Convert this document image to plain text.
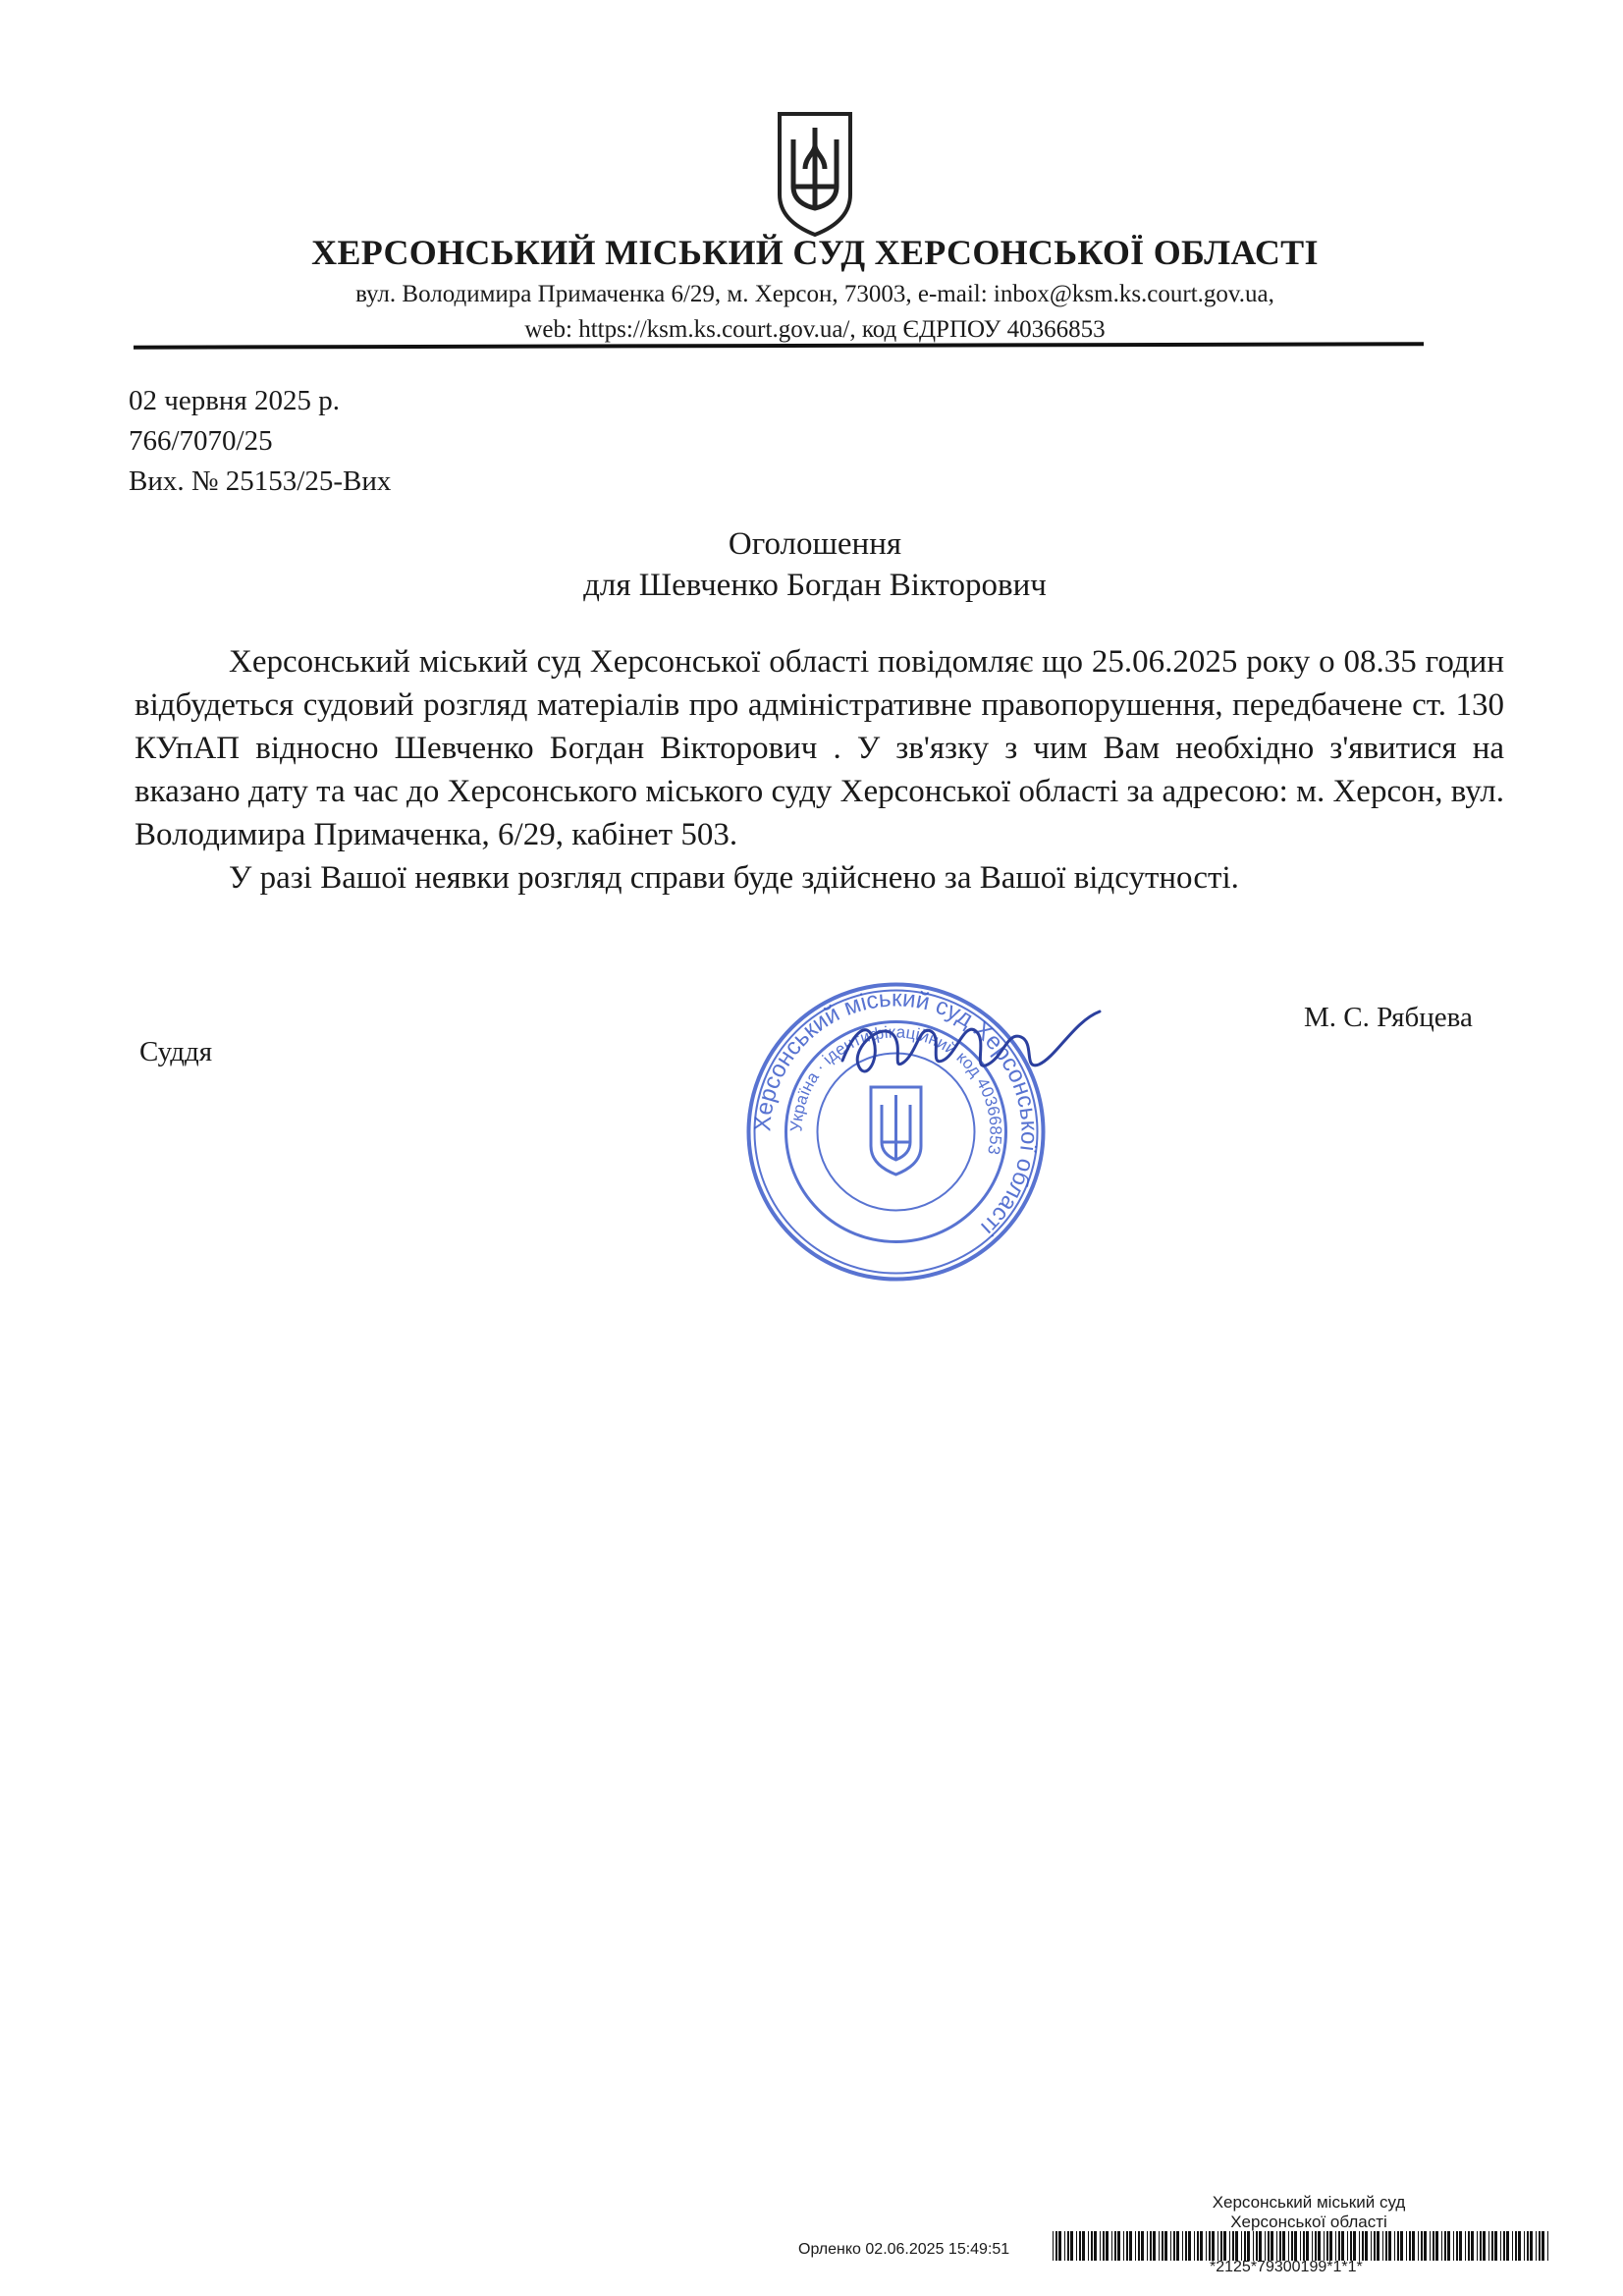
ХЕРСОНСЬКИЙ МІСЬКИЙ СУД ХЕРСОНСЬКОЇ ОБЛАСТІ
вул. Володимира Примаченка 6/29, м. Херсон, 73003, e-mail: inbox@ksm.ks.court.gov.ua,
web: https://ksm.ks.court.gov.ua/, код ЄДРПОУ 40366853
02 червня 2025 р.
766/7070/25
Вих. № 25153/25-Вих
Оголошення
для Шевченко Богдан Вікторович

Херсонський міський суд Херсонської області повідомляє що 25.06.2025 року о 08.35 годин відбудеться судовий розгляд матеріалів про адміністративне правопорушення, передбачене ст. 130 КУпАП відносно Шевченко Богдан Вікторович . У зв'язку з чим Вам необхідно з'явитися на вказано дату та час до Херсонського міського суду Херсонської області за адресою: м. Херсон, вул. Володимира Примаченка, 6/29, кабінет 503.

У разі Вашої неявки розгляд справи буде здійснено за Вашої відсутності.

М. С. Рябцева
Суддя
Херсонський міський суд Херсонської області
Україна · ідентифікаційний код 40366853
Херсонський міський суд
Херсонської області
Орленко 02.06.2025 15:49:51
*2125*79300199*1*1*
